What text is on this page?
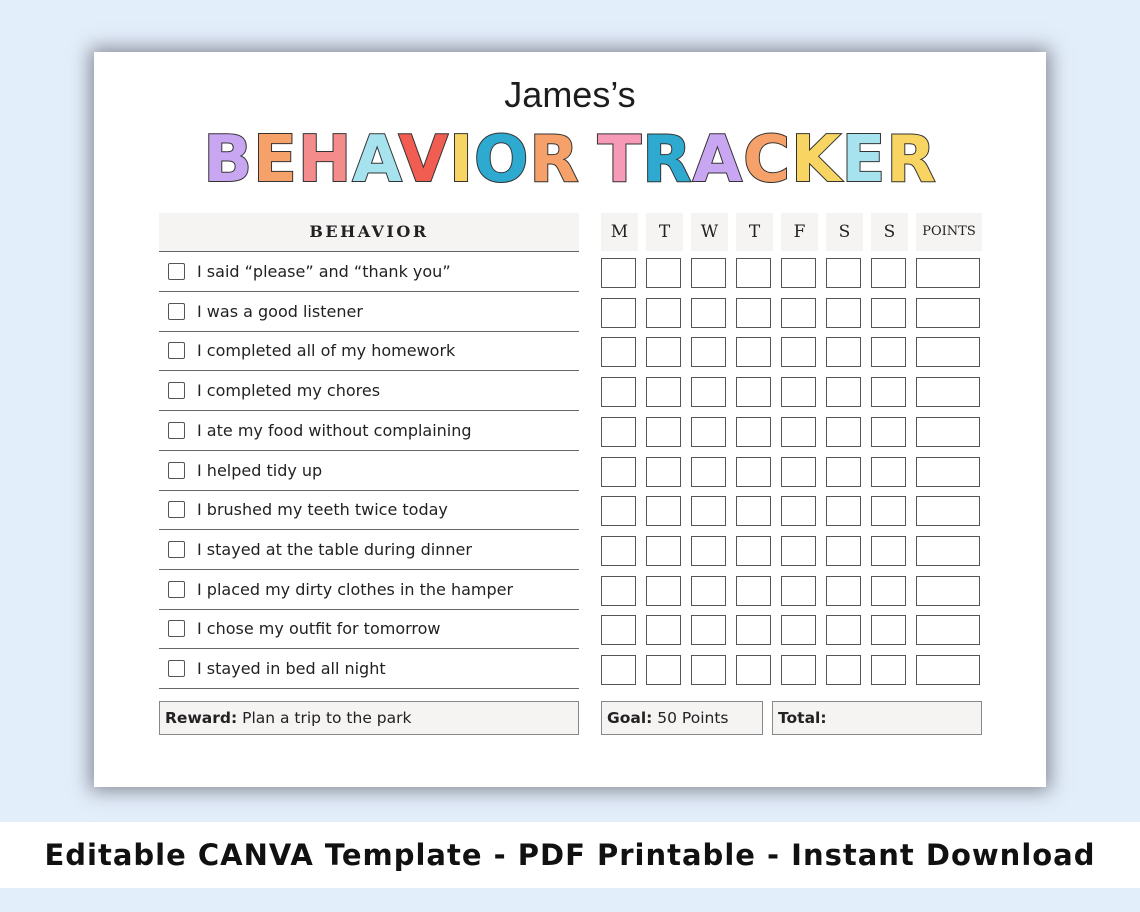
James’s
BEHAVIOR TRACKER
BEHAVIOR
I said “please” and “thank you”
I was a good listener
I completed all of my homework
I completed my chores
I ate my food without complaining
I helped tidy up
I brushed my teeth twice today
I stayed at the table during dinner
I placed my dirty clothes in the hamper
I chose my outfit for tomorrow
I stayed in bed all night
M	T	W	T	F	S	S	POINTS
Reward: Plan a trip to the park	Goal: 50 Points	Total:
Editable CANVA Template - PDF Printable - Instant Download
